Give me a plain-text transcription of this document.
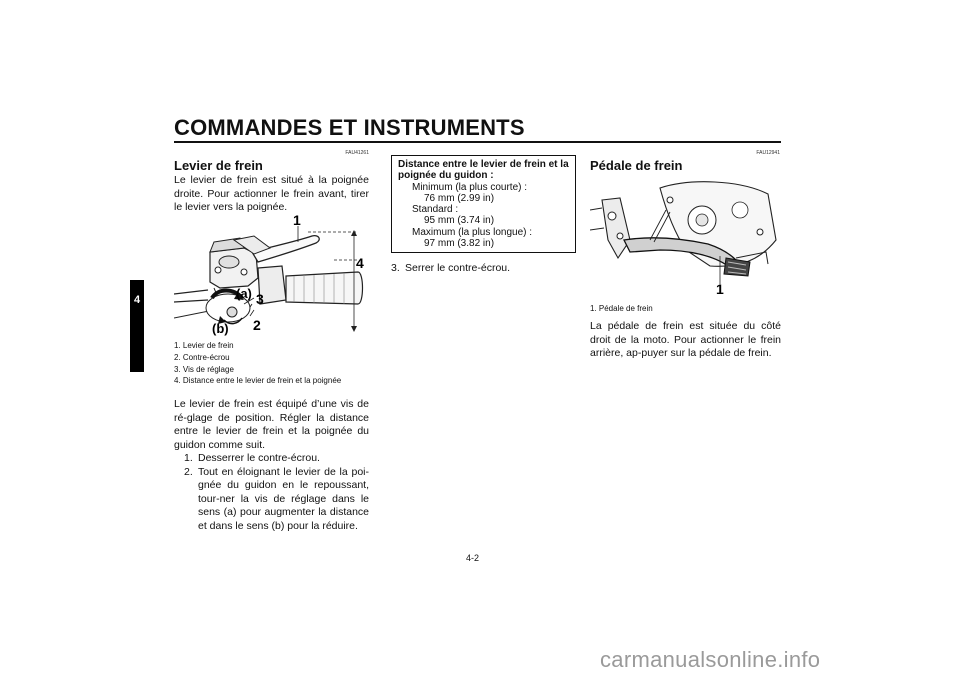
COMMANDES ET INSTRUMENTS
4
FAU41261
Levier de frein
Le levier de frein est situé à la poignée droite. Pour actionner le frein avant, tirer le levier vers la poignée.
1
2
3
4
(a)
(b)
1. Levier de frein
2. Contre-écrou
3. Vis de réglage
4. Distance entre le levier de frein et la poignée
Le levier de frein est équipé d’une vis de ré-glage de position. Régler la distance entre le levier de frein et la poignée du guidon comme suit.
1. Desserrer le contre-écrou.
2. Tout en éloignant le levier de la poi-gnée du guidon en le repoussant, tour-ner la vis de réglage dans le sens (a) pour augmenter la distance et dans le sens (b) pour la réduire.
Distance entre le levier de frein et la poignée du guidon :
Minimum (la plus courte) :
76 mm (2.99 in)
Standard :
95 mm (3.74 in)
Maximum (la plus longue) :
97 mm (3.82 in)
3. Serrer le contre-écrou.
FAU12941
Pédale de frein
1
1. Pédale de frein
La pédale de frein est située du côté droit de la moto. Pour actionner le frein arrière, ap-puyer sur la pédale de frein.
4-2
carmanualsonline.info
